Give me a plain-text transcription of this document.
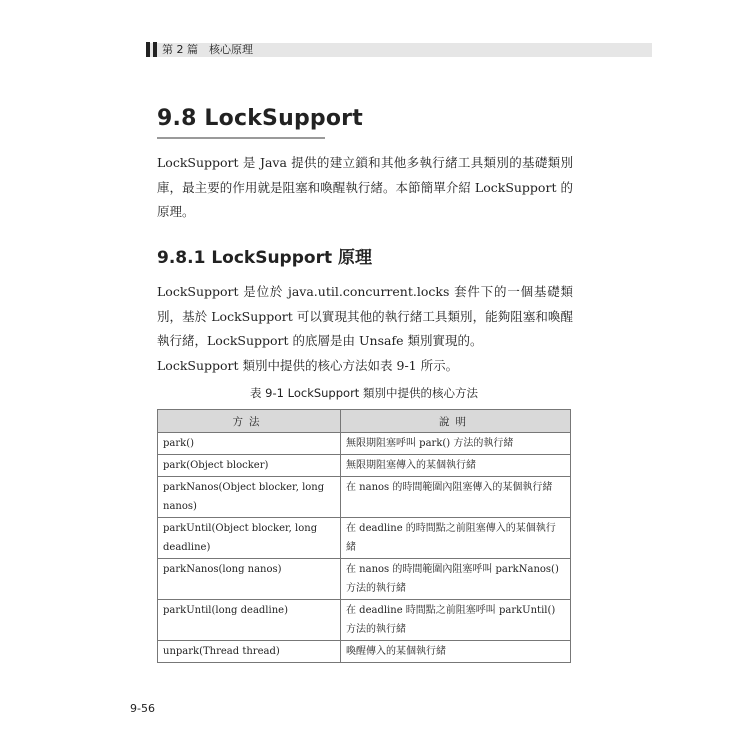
第 2 篇　核心原理
9.8 LockSupport
LockSupport 是 Java 提供的建立鎖和其他多執行緒工具類別的基礎類別庫，最主要的作用就是阻塞和喚醒執行緒。本節簡單介紹 LockSupport 的原理。
9.8.1 LockSupport 原理
LockSupport 是位於 java.util.concurrent.locks 套件下的一個基礎類別，基於 LockSupport 可以實現其他的執行緒工具類別，能夠阻塞和喚醒執行緒，LockSupport 的底層是由 Unsafe 類別實現的。
LockSupport 類別中提供的核心方法如表 9-1 所示。
表 9-1 LockSupport 類別中提供的核心方法
方法	說明
park()	無限期阻塞呼叫 park() 方法的執行緒
park(Object blocker)	無限期阻塞傳入的某個執行緒
parkNanos(Object blocker, long nanos)	在 nanos 的時間範圍內阻塞傳入的某個執行緒
parkUntil(Object blocker, long deadline)	在 deadline 的時間點之前阻塞傳入的某個執行緒
parkNanos(long nanos)	在 nanos 的時間範圍內阻塞呼叫 parkNanos() 方法的執行緒
parkUntil(long deadline)	在 deadline 時間點之前阻塞呼叫 parkUntil() 方法的執行緒
unpark(Thread thread)	喚醒傳入的某個執行緒
9-56
